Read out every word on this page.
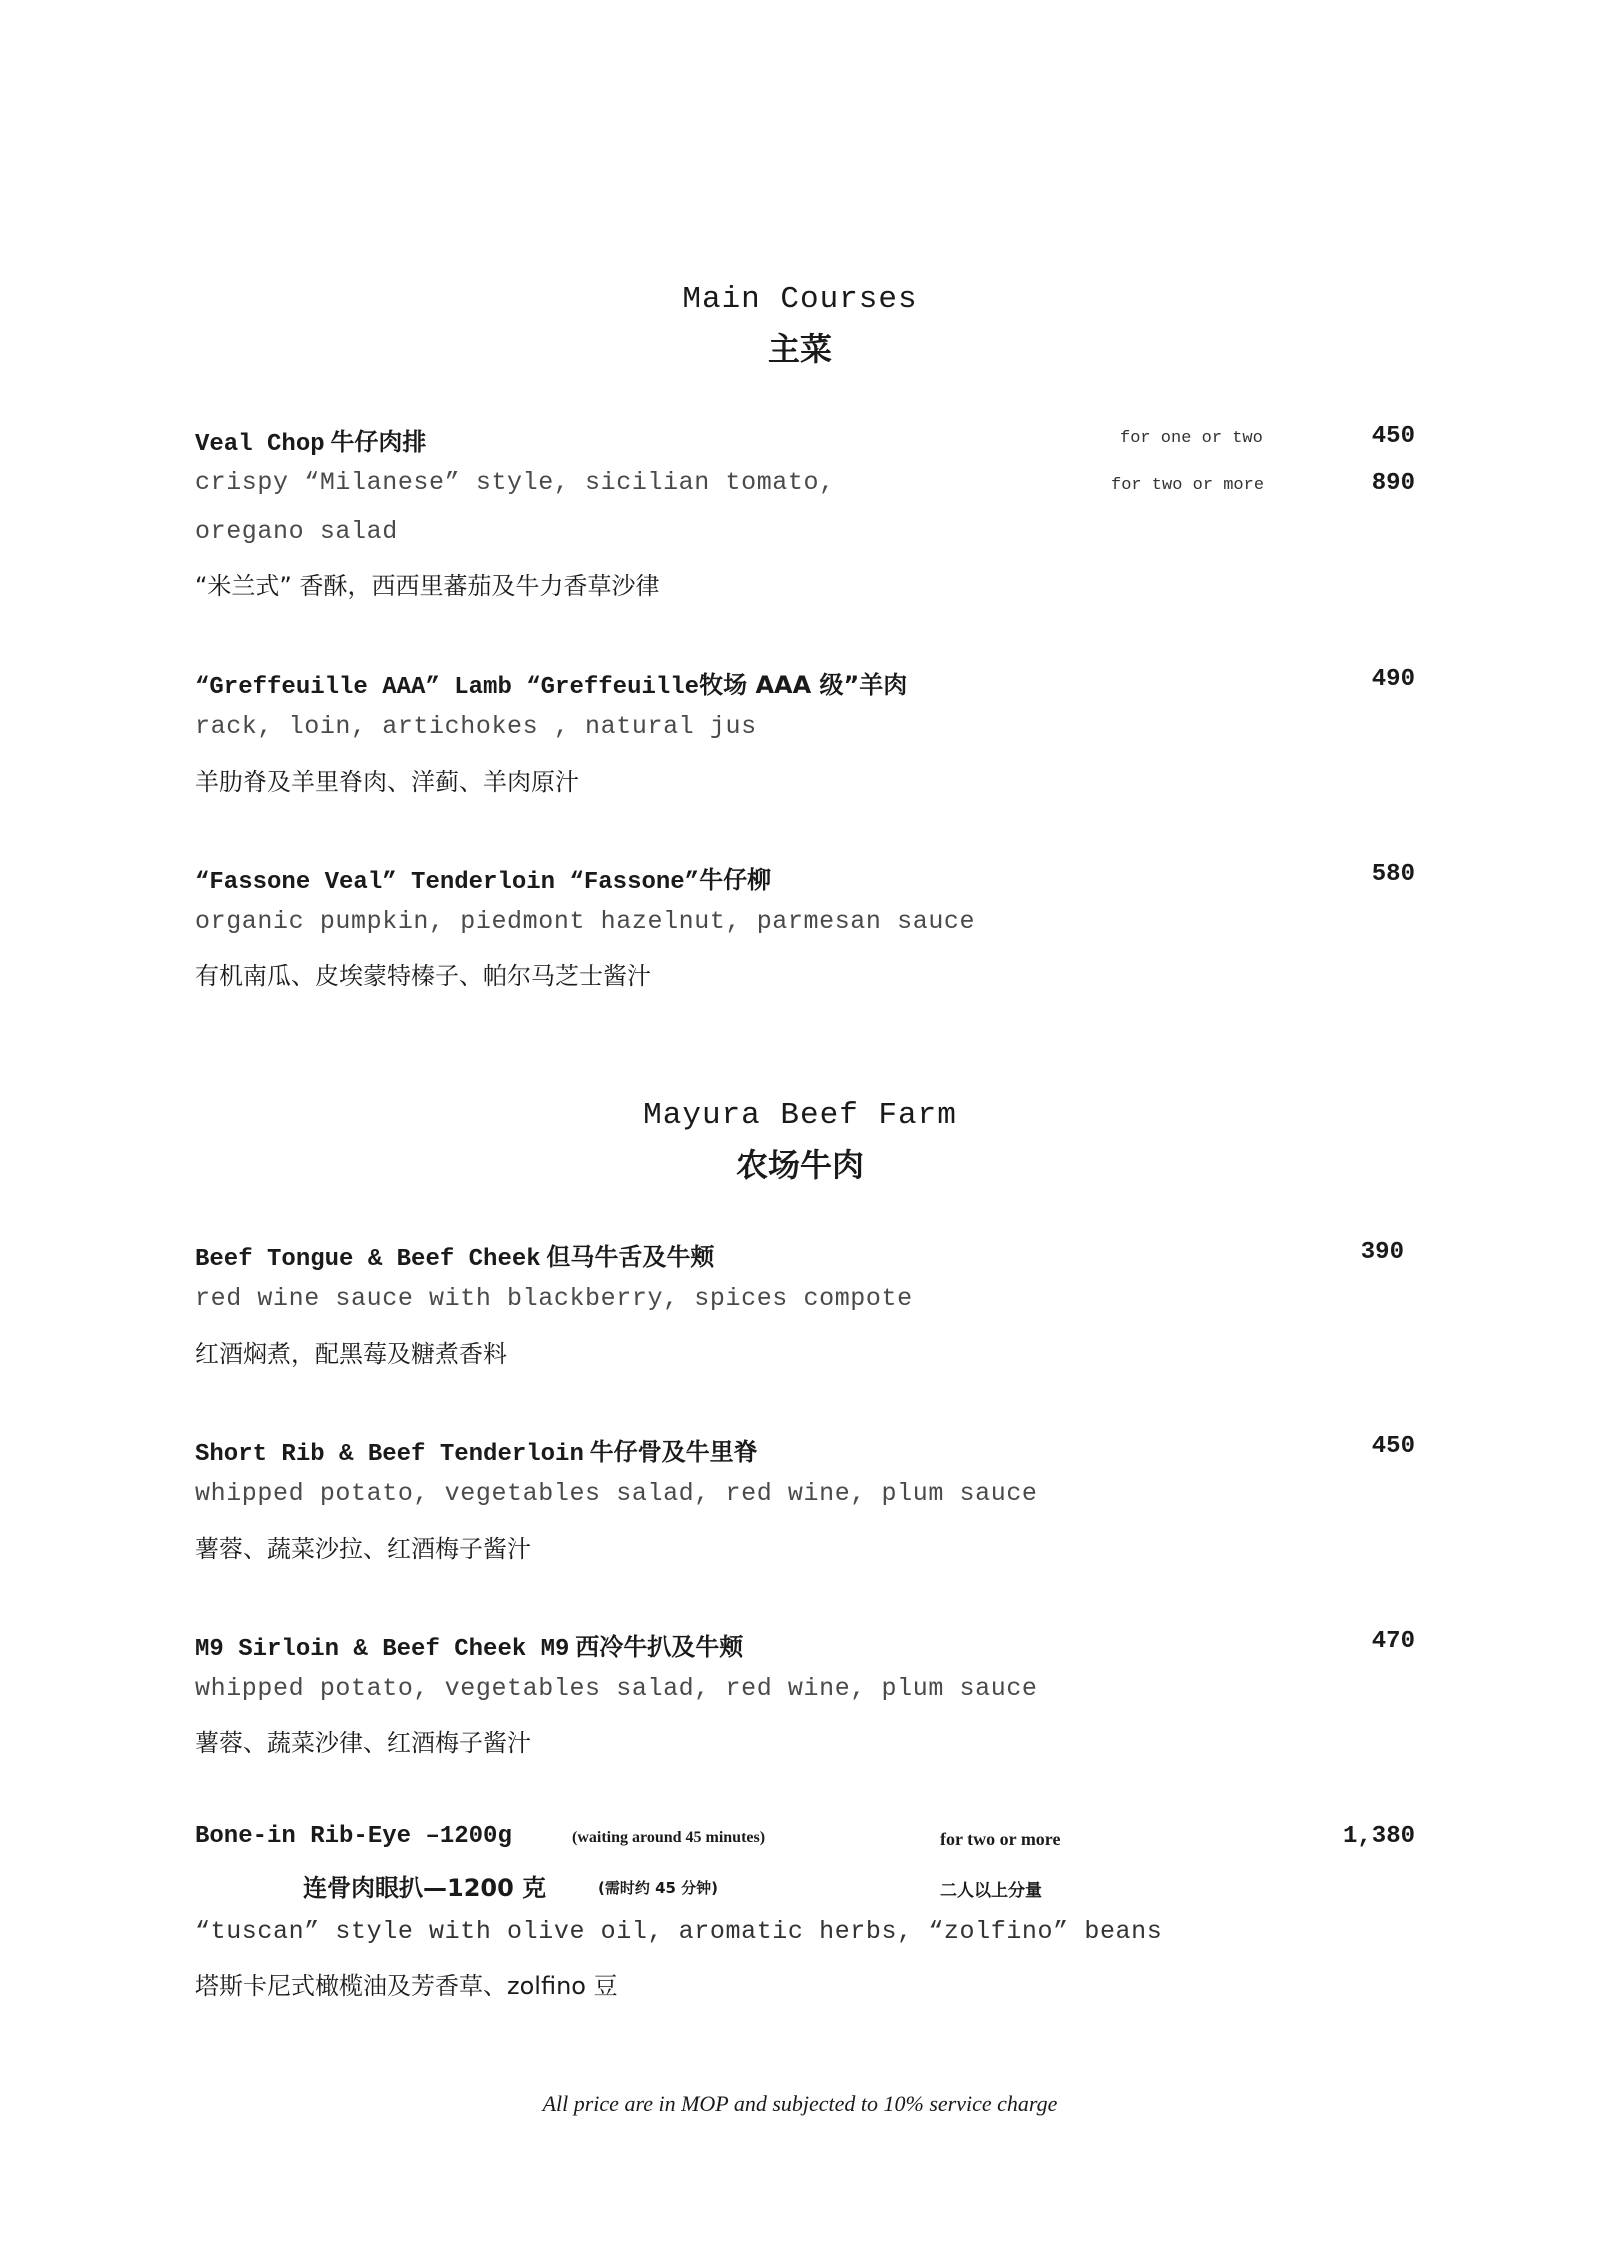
Main Courses
主菜
Veal Chop 牛仔肉排	for one or two	450
crispy “Milanese” style, sicilian tomato,	for two or more	890
oregano salad
“米兰式” 香酥，西西里蕃茄及牛力香草沙律
“Greffeuille AAA” Lamb “Greffeuille牧场 AAA 级”羊肉	490
rack, loin, artichokes , natural jus
羊肋脊及羊里脊肉、洋蓟、羊肉原汁
“Fassone Veal” Tenderloin “Fassone”牛仔柳	580
organic pumpkin, piedmont hazelnut, parmesan sauce
有机南瓜、皮埃蒙特榛子、帕尔马芝士酱汁
Mayura Beef Farm
农场牛肉
Beef Tongue & Beef Cheek 但马牛舌及牛颊	390
red wine sauce with blackberry, spices compote
红酒焖煮，配黑莓及糖煮香料
Short Rib & Beef Tenderloin 牛仔骨及牛里脊	450
whipped potato, vegetables salad, red wine, plum sauce
薯蓉、蔬菜沙拉、红酒梅子酱汁
M9 Sirloin & Beef Cheek M9 西冷牛扒及牛颊	470
whipped potato, vegetables salad, red wine, plum sauce
薯蓉、蔬菜沙律、红酒梅子酱汁
Bone-in Rib-Eye –1200g	(waiting around 45 minutes)	for two or more	1,380
连骨肉眼扒—1200 克	(需时约 45 分钟)	二人以上分量
“tuscan” style with olive oil, aromatic herbs, “zolfino” beans
塔斯卡尼式橄榄油及芳香草、zolfino 豆
All price are in MOP and subjected to 10% service charge
